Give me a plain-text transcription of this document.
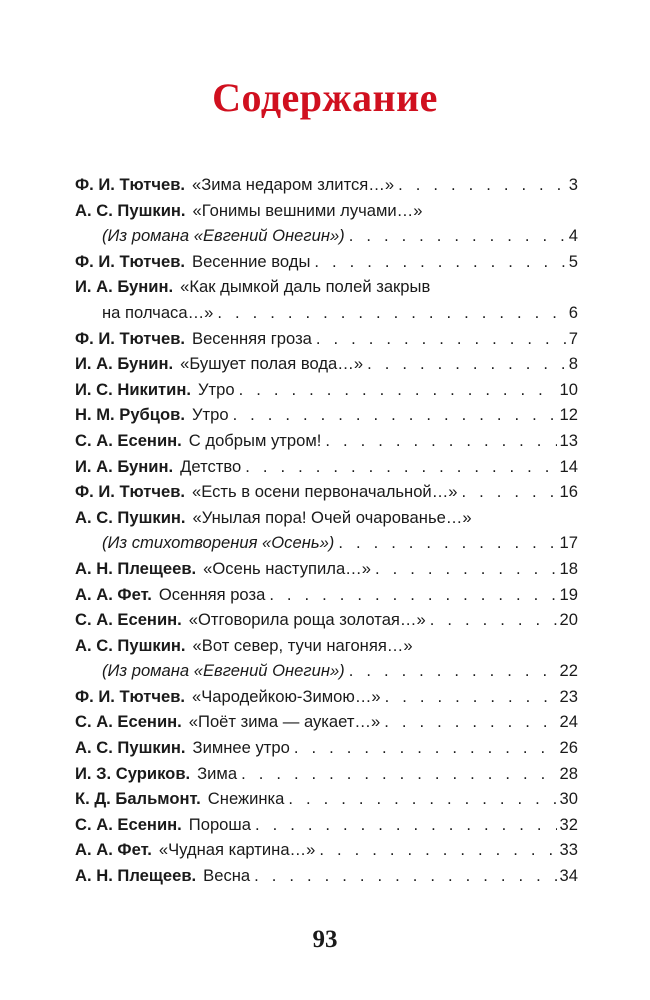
Содержание
Ф. И. Тютчев. «Зима недаром злится…» . . .	3
А. С. Пушкин. «Гонимы вешними лучами…»
(Из романа «Евгений Онегин») . . .	4
Ф. И. Тютчев. Весенние воды . . .	5
И. А. Бунин. «Как дымкой даль полей закрыв
на полчаса…» . . .	6
Ф. И. Тютчев. Весенняя гроза . . .	7
И. А. Бунин. «Бушует полая вода…» . . .	8
И. С. Никитин. Утро . . .	10
Н. М. Рубцов. Утро . . .	12
С. А. Есенин. С добрым утром! . . .	13
И. А. Бунин. Детство . . .	14
Ф. И. Тютчев. «Есть в осени первоначальной…» . . .	16
А. С. Пушкин. «Унылая пора! Очей очарованье…»
(Из стихотворения «Осень») . . .	17
А. Н. Плещеев. «Осень наступила…» . . .	18
А. А. Фет. Осенняя роза . . .	19
С. А. Есенин. «Отговорила роща золотая…» . . .	20
А. С. Пушкин. «Вот север, тучи нагоняя…»
(Из романа «Евгений Онегин») . . .	22
Ф. И. Тютчев. «Чародейкою-Зимою…» . . .	23
С. А. Есенин. «Поёт зима — аукает…» . . .	24
А. С. Пушкин. Зимнее утро . . .	26
И. З. Суриков. Зима . . .	28
К. Д. Бальмонт. Снежинка . . .	30
С. А. Есенин. Пороша . . .	32
А. А. Фет. «Чудная картина…» . . .	33
А. Н. Плещеев. Весна . . .	34
93
